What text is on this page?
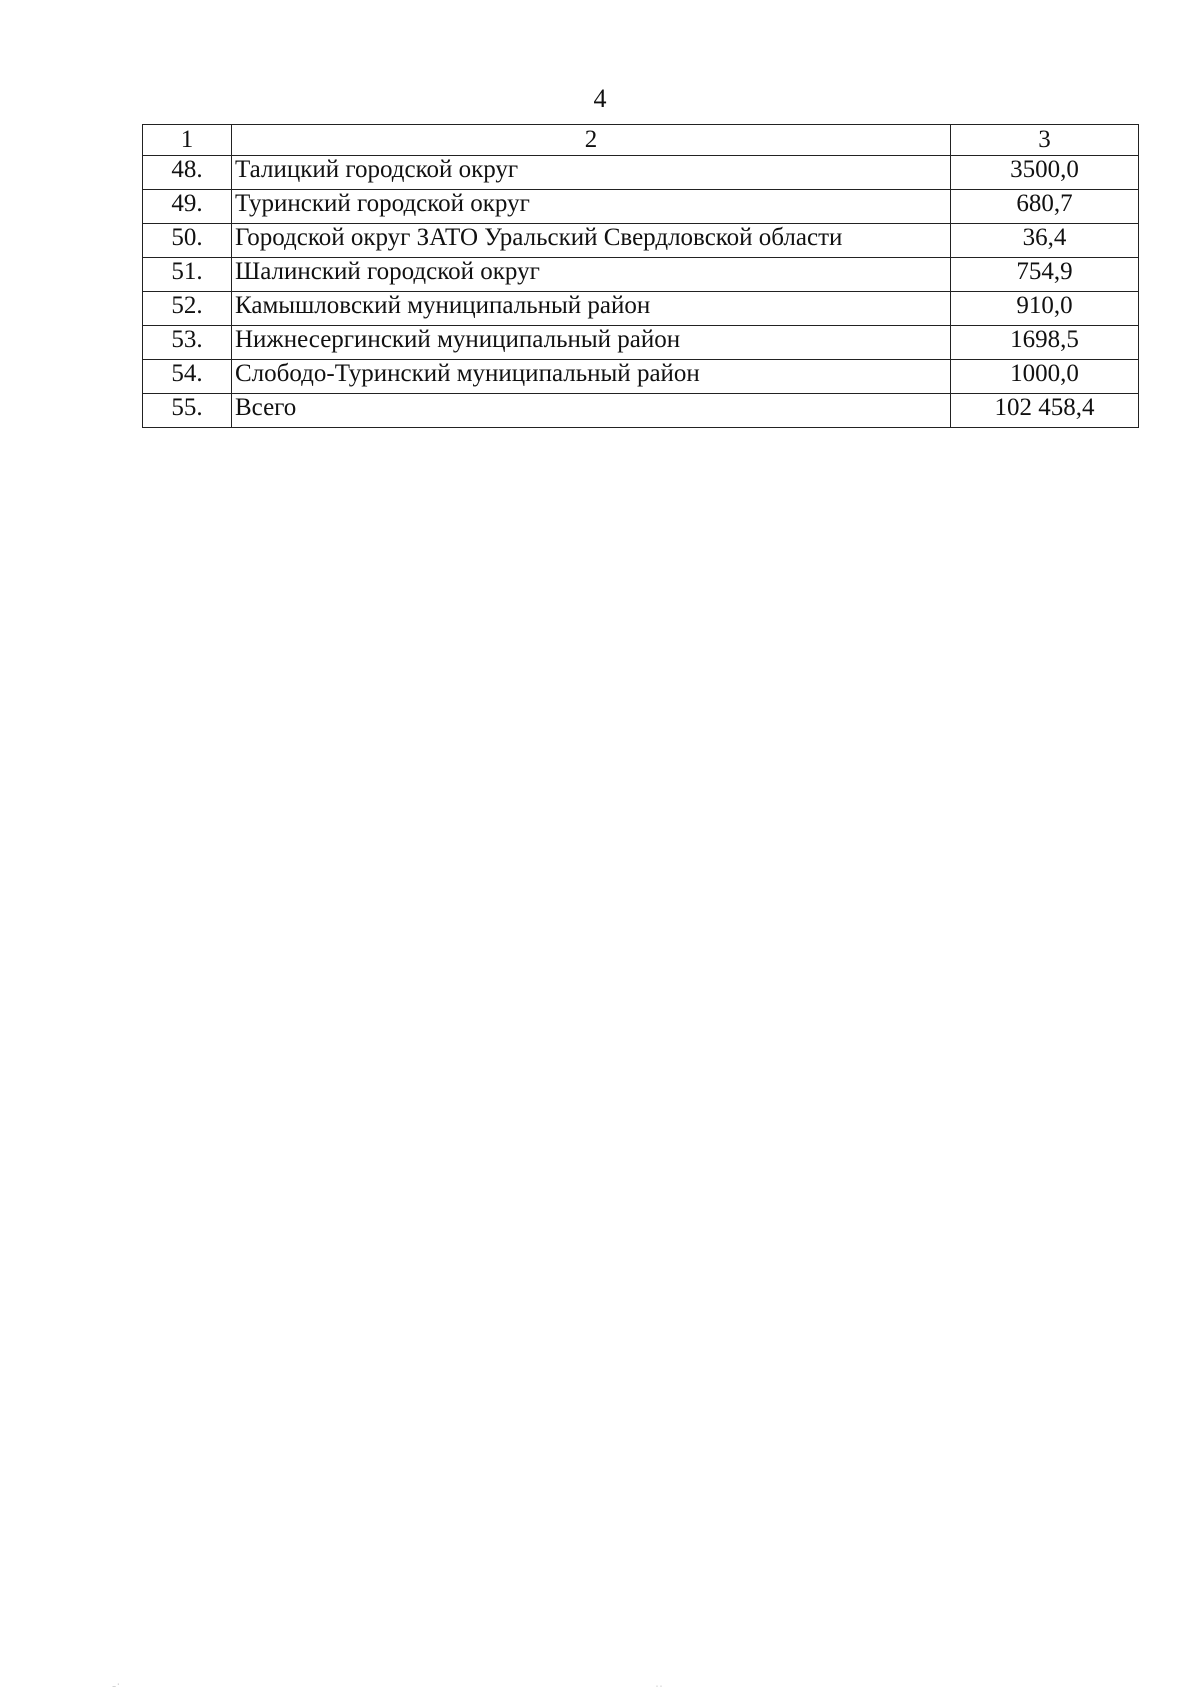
4
1	2	3
48.	Талицкий городской округ	3500,0
49.	Туринский городской округ	680,7
50.	Городской округ ЗАТО Уральский Свердловской области	36,4
51.	Шалинский городской округ	754,9
52.	Камышловский муниципальный район	910,0
53.	Нижнесергинский муниципальный район	1698,5
54.	Слободо-Туринский муниципальный район	1000,0
55.	Всего	102 458,4
⁻˙	˙˙
